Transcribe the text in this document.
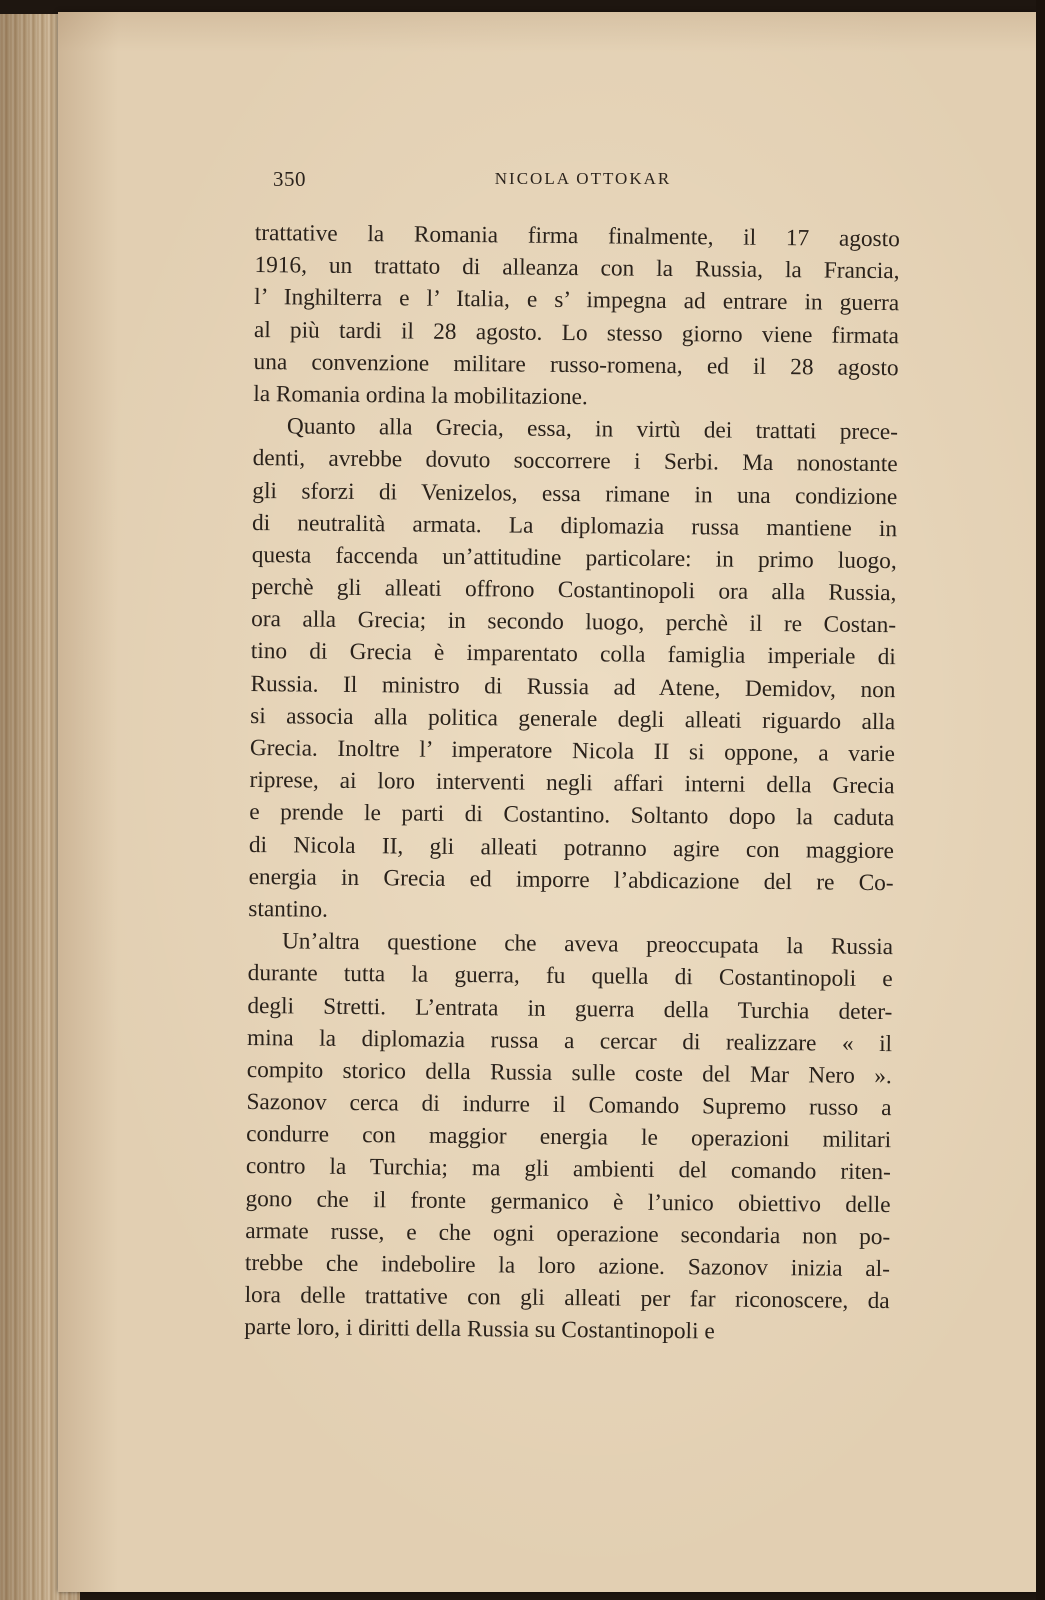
350	NICOLA OTTOKAR
trattative la Romania firma finalmente, il 17 agosto
1916, un trattato di alleanza con la Russia, la Francia,
l’ Inghilterra e l’ Italia, e s’ impegna ad entrare in guerra
al più tardi il 28 agosto. Lo stesso giorno viene firmata
una convenzione militare russo-romena, ed il 28 agosto
la Romania ordina la mobilitazione.
Quanto alla Grecia, essa, in virtù dei trattati prece-
denti, avrebbe dovuto soccorrere i Serbi. Ma nonostante
gli sforzi di Venizelos, essa rimane in una condizione
di neutralità armata. La diplomazia russa mantiene in
questa faccenda un’attitudine particolare: in primo luogo,
perchè gli alleati offrono Costantinopoli ora alla Russia,
ora alla Grecia; in secondo luogo, perchè il re Costan-
tino di Grecia è imparentato colla famiglia imperiale di
Russia. Il ministro di Russia ad Atene, Demidov, non
si associa alla politica generale degli alleati riguardo alla
Grecia. Inoltre l’ imperatore Nicola II si oppone, a varie
riprese, ai loro interventi negli affari interni della Grecia
e prende le parti di Costantino. Soltanto dopo la caduta
di Nicola II, gli alleati potranno agire con maggiore
energia in Grecia ed imporre l’abdicazione del re Co-
stantino.
Un’altra questione che aveva preoccupata la Russia
durante tutta la guerra, fu quella di Costantinopoli e
degli Stretti. L’entrata in guerra della Turchia deter-
mina la diplomazia russa a cercar di realizzare « il
compito storico della Russia sulle coste del Mar Nero ».
Sazonov cerca di indurre il Comando Supremo russo a
condurre con maggior energia le operazioni militari
contro la Turchia; ma gli ambienti del comando riten-
gono che il fronte germanico è l’unico obiettivo delle
armate russe, e che ogni operazione secondaria non po-
trebbe che indebolire la loro azione. Sazonov inizia al-
lora delle trattative con gli alleati per far riconoscere, da
parte loro, i diritti della Russia su Costantinopoli e
